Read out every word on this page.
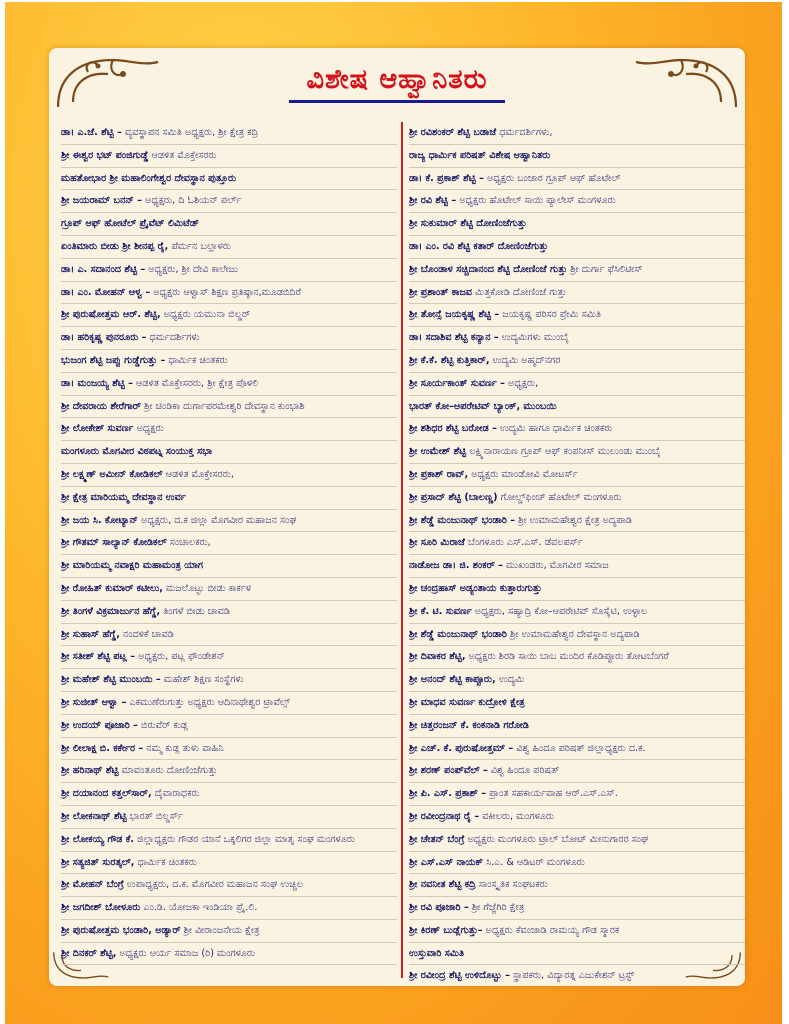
ವಿಶೇಷ ಆಹ್ವಾನಿತರು
ಡಾ। ಎ.ಜೆ. ಶೆಟ್ಟಿ – ವ್ಯವಸ್ಥಾಪನ ಸಮಿತಿ ಅಧ್ಯಕ್ಷರು, ಶ್ರೀ ಕ್ಷೇತ್ರ ಕದ್ರಿ
ಶ್ರೀ ಈಶ್ವರ ಭಟ್ ಪಂಜಿಗುಡ್ಡೆ ಆಡಳಿತ ಮೊಕ್ತೇಸರರು
ಮಹತೋಭಾರ ಶ್ರೀ ಮಹಾಲಿಂಗೇಶ್ವರ ದೇವಸ್ಥಾನ ಪುತ್ತೂರು
ಶ್ರೀ ಜಯರಾಮ್ ಬನನ್ – ಅಧ್ಯಕ್ಷರು, ದಿ ಓಶಿಯನ್ ಪರ್ಲ್
ಗ್ರೂಪ್ ಆಫ್ ಹೋಟೆಲ್ ಪ್ರೈವೆಟ್ ಲಿಮಿಟೆಡ್
ಏಂತಿಮಾರು ಬೀಡು ಶ್ರೀ ಶೀನಪ್ಪ ರೈ, ಪೆರ್ಮನ ಬಲ್ಲಾಳರು
ಡಾ। ಎ. ಸದಾನಂದ ಶೆಟ್ಟಿ – ಅಧ್ಯಕ್ಷರು, ಶ್ರೀ ದೇವಿ ಕಾಲೇಜು
ಡಾ। ಎಂ. ಮೋಹನ್ ಆಳ್ವ – ಅಧ್ಯಕ್ಷರು ಆಳ್ವಾಸ್ ಶಿಕ್ಷಣ ಪ್ರತಿಷ್ಠಾನ,ಮೂಡಬಿದಿರೆ
ಶ್ರೀ ಪುರುಷೋತ್ತಮ ಆರ್. ಶೆಟ್ಟಿ, ಅಧ್ಯಕ್ಷರು ಯಮುನಾ ಬಿಲ್ಡರ್
ಡಾ। ಹರಿಕೃಷ್ಣ ಪುನರೂರು – ಧರ್ಮದರ್ಶಿಗಳು
ಭುಜಂಗ ಶೆಟ್ಟಿ ಜಪ್ಪು ಗುಡ್ಡೆಗುತ್ತು – ಧಾರ್ಮಿಕ ಚಿಂತಕರು
ಡಾ। ಮಂಜಯ್ಯ ಶೆಟ್ಟಿ – ಆಡಳಿತ ಮೊಕ್ತೇಸರರು, ಶ್ರೀ ಕ್ಷೇತ್ರ ಪೊಳಲಿ
ಶ್ರೀ ದೇವರಾಯ ಶೇರೆಗಾರ್ ಶ್ರೀ ಚಂಡಿಕಾ ದುರ್ಗಾಪರಮೇಶ್ವರಿ ದೇವಸ್ಥಾನ ಕುಂಭಾಶಿ
ಶ್ರೀ ಲೋಕೇಶ್ ಸುವರ್ಣ ಅಧ್ಯಕ್ಷರು
ಮಂಗಳೂರು ಮೊಗವೀರ ವಿಠಪಟ್ನ ಸಂಯುಕ್ತ ಸಭಾ
ಶ್ರೀ ಲಕ್ಷ್ಮಣ್ ಅಮೀನ್ ಕೋಡಿಕಲ್ ಆಡಳಿತ ಮೊಕ್ತೇಸರರು,
ಶ್ರೀ ಕ್ಷೇತ್ರ ಮಾರಿಯಮ್ಮ ದೇವಸ್ಥಾನ ಉರ್ವ
ಶ್ರೀ ಜಯ ಸಿ. ಕೋಟ್ಯಾನ್ ಅಧ್ಯಕ್ಷರು, ದ.ಕ ಜಿಲ್ಲಾ ಮೊಗವೀರ ಮಹಾಜನ ಸಂಘ
ಶ್ರೀ ಗೌತಮ್ ಸಾಲ್ಯಾನ್ ಕೋಡಿಕಲ್ ಸಂಚಾಲಕರು,
ಶ್ರೀ ಮಾರಿಯಮ್ಮ ನವಾಕ್ಷರಿ ಮಹಾಮಂತ್ರ ಯಾಗ
ಶ್ರೀ ರೋಹಿತ್ ಕುಮಾರ್ ಕಟೀಲು, ಮಜಲೊಟ್ಟು ಬೀಡು ಕಾರ್ಕಳ
ಶ್ರೀ ತಿಂಗಳೆ ವಿಕ್ರಮಾರ್ಜುನ ಹೆಗ್ಡೆ, ತಿಂಗಳೆ ಬೀಡು ಚಾವಡಿ
ಶ್ರೀ ಸುಹಾಸ್ ಹೆಗ್ಡೆ, ನಂದಳಿಕೆ ಚಾವಡಿ
ಶ್ರೀ ಸತೀಶ್ ಶೆಟ್ಟಿ ಪಟ್ಲ – ಅಧ್ಯಕ್ಷರು, ಪಟ್ಲ ಫೌಂಡೇಶನ್
ಶ್ರೀ ಮಹೇಶ್ ಶೆಟ್ಟಿ ಮುಂಬಯಿ – ಮಹೇಶ್ ಶಿಕ್ಷಣ ಸಂಸ್ಥೆಗಳು
ಶ್ರೀ ಸುಜೀತ್ ಆಳ್ವಾ – ಎಕಮುಣೆರುಗುತ್ತು ಅಧ್ಯಕ್ಷರು ಆದಿನಾಥೇಶ್ವರ ಟ್ರಾವೆಲ್ಸ್
ಶ್ರೀ ಉದಯ್ ಪೂಜಾರಿ – ಬಿರುವೆರ್ ಕುಡ್ಲ
ಶ್ರೀ ಲೀಲಾಕ್ಷ ಬಿ. ಕರ್ಕೇರ – ನಮ್ಮ ಕುಡ್ಲ ತುಳು ವಾಹಿನಿ
ಶ್ರೀ ಹರಿನಾಥ್ ಶೆಟ್ಟಿ ಮಾವಂತೂರು ದೋಣಿಂಜೆಗುತ್ತು
ಶ್ರೀ ದಯಾನಂದ ಕತ್ತಲ್‌ಸಾರ್, ದೈವಾರಾಧಕರು
ಶ್ರೀ ಲೋಕನಾಥ್ ಶೆಟ್ಟಿ ಭಾರತ್ ಬಿಲ್ಡರ್ಸ್
ಶ್ರೀ ಲೋಕಯ್ಯ ಗೌಡ ಕೆ. ಜಿಲ್ಲಾಧ್ಯಕ್ಷರು ಗೌಡರ ಯಾನೆ ಒಕ್ಕಲಿಗರ ಜಿಲ್ಲಾ ಮಾತೃ ಸಂಘ ಮಂಗಳೂರು
ಶ್ರೀ ಸತ್ಯಜಿತ್ ಸುರತ್ಕಲ್, ಧಾರ್ಮಿಕ ಚಿಂತಕರು
ಶ್ರೀ ಮೋಹನ್ ಬೆಂಗ್ರೆ ಉಪಾಧ್ಯಕ್ಷರು, ದ.ಕ. ಮೊಗವೀರ ಮಹಾಜನ ಸಂಘ ಉಚ್ಚಿಲ
ಶ್ರೀ ಜಗದೀಶ್ ಬೋಳೂರು ಎಂ.ಡಿ. ಯೋಜಕಾ ಇಂಡಿಯಾ ಪ್ರೈ.ಲಿ.
ಶ್ರೀ ಪುರುಷೋತ್ತಮ ಭಂಡಾರಿ, ಅಡ್ಯಾರ್ ಶ್ರೀ ವೀರಾಂಜನೇಯ ಕ್ಷೇತ್ರ
ಶ್ರೀ ದಿನಕರ್ ಶೆಟ್ಟಿ, ಅಧ್ಯಕ್ಷರು ಆರ್ಯ ಸಮಾಜ (ರಿ) ಮಂಗಳೂರು
ಶ್ರೀ ರವಿಶಂಕರ್ ಶೆಟ್ಟಿ ಬಡಾಜೆ ಧರ್ಮದರ್ಶಿಗಳು,
ರಾಜ್ಯ ಧಾರ್ಮಿಕ ಪರಿಷತ್ ವಿಶೇಷ ಆಹ್ವಾನಿತರು
ಡಾ। ಕೆ. ಪ್ರಕಾಶ್ ಶೆಟ್ಟಿ – ಅಧ್ಯಕ್ಷರು ಬಂಜಾರ ಗ್ರೂಪ್ ಆಫ್ ಹೊಟೇಲ್
ಶ್ರೀ ರವಿ ಶೆಟ್ಟಿ – ಅಧ್ಯಕ್ಷರು ಹೊಟೇಲ್ ಸಾಯಿ ಪ್ಯಾಲೇಸ್ ಮಂಗಳೂರು
ಶ್ರೀ ಸುಕುಮಾರ್ ಶೆಟ್ಟಿ ದೋಣಿಂಜೆಗುತ್ತು
ಡಾ। ಎಂ. ರವಿ ಶೆಟ್ಟಿ ಕತಾರ್ ದೋಣಿಂಜೆಗುತ್ತು
ಶ್ರೀ ಬೊಂಡಾಳ ಸಚ್ಚಿದಾನಂದ ಶೆಟ್ಟಿ ದೋಣಿಂಜೆ ಗುತ್ತು ಶ್ರೀ ದುರ್ಗಾ ಫೆಸಿಲಿಟೀಸ್
ಶ್ರೀ ಪ್ರಶಾಂತ್ ಕಾಜವ ಮಿತ್ತಕೋಡಿ ದೋಣಿಂಜೆ ಗುತ್ತು
ಶ್ರೀ ತೋನ್ಸೆ ಜಯಕೃಷ್ಣ ಶೆಟ್ಟಿ – ಜಯಕೃಷ್ಣ ಪರಿಸರ ಪ್ರೇಮಿ ಸಮಿತಿ
ಡಾ। ಸದಾಶಿವ ಶೆಟ್ಟಿ ಕನ್ಯಾನ – ಉದ್ಯಮಿಗಳು ಮುಂಬೈ
ಶ್ರೀ ಕೆ.ಕೆ. ಶೆಟ್ಟಿ ಕುತ್ತಿಕಾರ್, ಉದ್ಯಮಿ ಅಹ್ಮದ್‌ನಗರ
ಶ್ರೀ ಸೂರ್ಯಕಾಂತ್ ಸುವರ್ಣ – ಅಧ್ಯಕ್ಷರು,
ಭಾರತ್ ಕೋ–ಆಪರೇಟಿವ್ ಬ್ಯಾಂಕ್, ಮುಂಬಯಿ
ಶ್ರೀ ಶಶಿಧರ ಶೆಟ್ಟಿ ಬರೋಡ – ಉದ್ಯಮಿ ಹಾಗೂ ಧಾರ್ಮಿಕ ಚಿಂತಕರು
ಶ್ರೀ ಉಮೇಶ್ ಶೆಟ್ಟಿ ಲಕ್ಷ್ಮಿನಾರಾಯಣ ಗ್ರೂಪ್ ಆಫ್ ಕಂಪನೀಸ್ ಮುಲುಂಡು ಮುಂಬೈ
ಶ್ರೀ ಪ್ರಕಾಶ್ ರಾವ್, ಅಧ್ಯಕ್ಷರು ಮಾಂಡೋವಿ ಮೋಟರ್ಸ್
ಶ್ರೀ ಪ್ರಸಾದ್ ಶೆಟ್ಟಿ (ಬಾಲಣ್ಣ) ಗೋಲ್ಡ್‌ಫಿಂಚ್ ಹೊಟೇಲ್ ಮಂಗಳೂರು
ಶ್ರೀ ಶೆಡ್ಡೆ ಮಂಜುನಾಥ್ ಭಂಡಾರಿ – ಶ್ರೀ ಉಮಾಮಹೇಶ್ವರ ಕ್ಷೇತ್ರ ಅದ್ಯಪಾಡಿ
ಶ್ರೀ ಸೂರಿ ಮಿರಾಜೆ ಬೆಂಗಳೂರು ಎಸ್.ಎಸ್. ಡೆವಲಪರ್ಸ್
ನಾಡೋಜ ಡಾ। ಜಿ. ಶಂಕರ್ – ಮುಖಂಡರು, ಮೊಗವೀರ ಸಮಾಜ
ಶ್ರೀ ಚಂದ್ರಹಾಸ್ ಅಡ್ಯಂತಾಯ ಕುತ್ತಾರುಗುತ್ತು
ಶ್ರೀ ಕೆ. ಟಿ. ಸುವರ್ಣ ಅಧ್ಯಕ್ಷರು, ಸಹ್ಯಾದ್ರಿ ಕೋ–ಆಪರೇಟಿವ್ ಸೊಸೈಟಿ, ಉಳ್ಳಾಲ
ಶ್ರೀ ಶೆಡ್ಡೆ ಮಂಜುನಾಥ್ ಭಂಡಾರಿ ಶ್ರೀ ಉಮಾಮಹೇಶ್ವರ ದೇವಸ್ಥಾನ ಅದ್ಯಪಾಡಿ
ಶ್ರೀ ದಿವಾಕರ ಶೆಟ್ಟಿ, ಅಧ್ಯಕ್ಷರು ಶಿರಡಿ ಸಾಯಿ ಬಾಬ ಮಂದಿರ ಕೊಡಿಪ್ಪೂರು ತೋಟಬೆಂಗರೆ
ಶ್ರೀ ಆನಂದ್ ಶೆಟ್ಟಿ ಕಾಪ್ಪೂರು, ಉದ್ಯಮಿ
ಶ್ರೀ ಮಾಧವ ಸುವರ್ಣ ಕುದ್ರೋಳಿ ಕ್ಷೇತ್ರ
ಶ್ರೀ ಚಿತ್ತರಂಜನ್ ಕೆ. ಕಂಕನಾಡಿ ಗರೋಡಿ
ಶ್ರೀ ಎಚ್. ಕೆ. ಪುರುಷೋತ್ತಮ್ – ವಿಶ್ವ ಹಿಂದೂ ಪರಿಷತ್ ಜಿಲ್ಲಾಧ್ಯಕ್ಷರು ದ.ಕ.
ಶ್ರೀ ಶರಣ್ ಪಂಪ್‌ವೆಲ್ – ವಿಶ್ವ ಹಿಂದೂ ಪರಿಷತ್
ಶ್ರೀ ಪಿ. ಎಸ್. ಪ್ರಕಾಶ್ – ಪ್ರಾಂತ ಸಹಕಾರ್ಯವಾಹ ಆರ್.ಎಸ್.ಎಸ್.
ಶ್ರೀ ರವೀಂದ್ರನಾಥ ರೈ – ವಕೀಲರು, ಮಂಗಳೂರು
ಶ್ರೀ ಚೇತನ್ ಬೆಂಗ್ರೆ ಅಧ್ಯಕ್ಷರು ಮಂಗಳೂರು ಟ್ರಾಲ್ ಬೋಟ್ ಮೀನುಗಾರರ ಸಂಘ
ಶ್ರೀ ಎಸ್.ಎಸ್ ನಾಯಕ್ ಸಿ.ಎ. & ಆಡಿಟರ್ ಮಂಗಳೂರು
ಶ್ರೀ ನವನೀತ ಶೆಟ್ಟಿ ಕದ್ರಿ ಸಾಂಸ್ಕೃತಿಕ ಸಂಘಟಕರು
ಶ್ರೀ ರವಿ ಪೂಜಾರಿ – ಶ್ರೀ ಗೆಜ್ಜೆಗಿರಿ ಕ್ಷೇತ್ರ
ಶ್ರೀ ಕಿರಣ್ ಬುಡ್ಲೆಗುತ್ತು– ಅಧ್ಯಕ್ಷರು ಕೆವಂಜಾಡಿ ರಾಮಯ್ಯ ಗೌಡ ಸ್ಮಾರಕ
ಉಸ್ತುವಾರಿ ಸಮಿತಿ
ಶ್ರೀ ರವೀಂದ್ರ ಶೆಟ್ಟಿ ಉಳಿದೊಟ್ಟು – ಸ್ಥಾಪಕರು, ವಿದ್ಯಾರತ್ನ ಎಜುಕೇಶನ್ ಟ್ರಸ್ಟ್
